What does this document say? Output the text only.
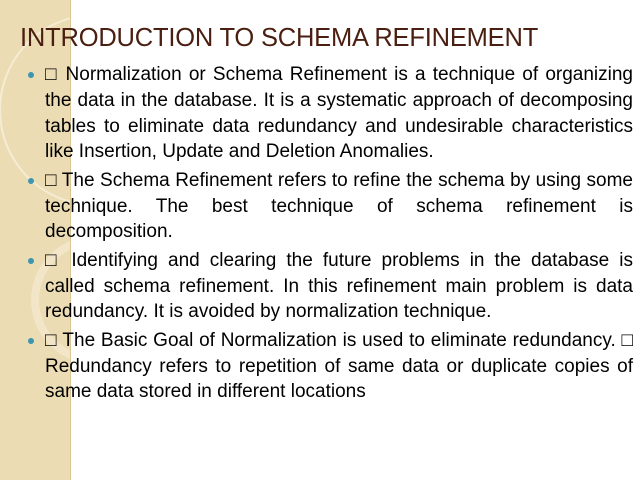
INTRODUCTION TO SCHEMA REFINEMENT
□ Normalization or Schema Refinement is a technique of organizing the data in the database. It is a systematic approach of decomposing tables to eliminate data redundancy and undesirable characteristics like Insertion, Update and Deletion Anomalies.
□ The Schema Refinement refers to refine the schema by using some technique. The best technique of schema refinement is decomposition.
□ Identifying and clearing the future problems in the database is called schema refinement. In this refinement main problem is data redundancy. It is avoided by normalization technique.
□ The Basic Goal of Normalization is used to eliminate redundancy. □ Redundancy refers to repetition of same data or duplicate copies of same data stored in different locations
